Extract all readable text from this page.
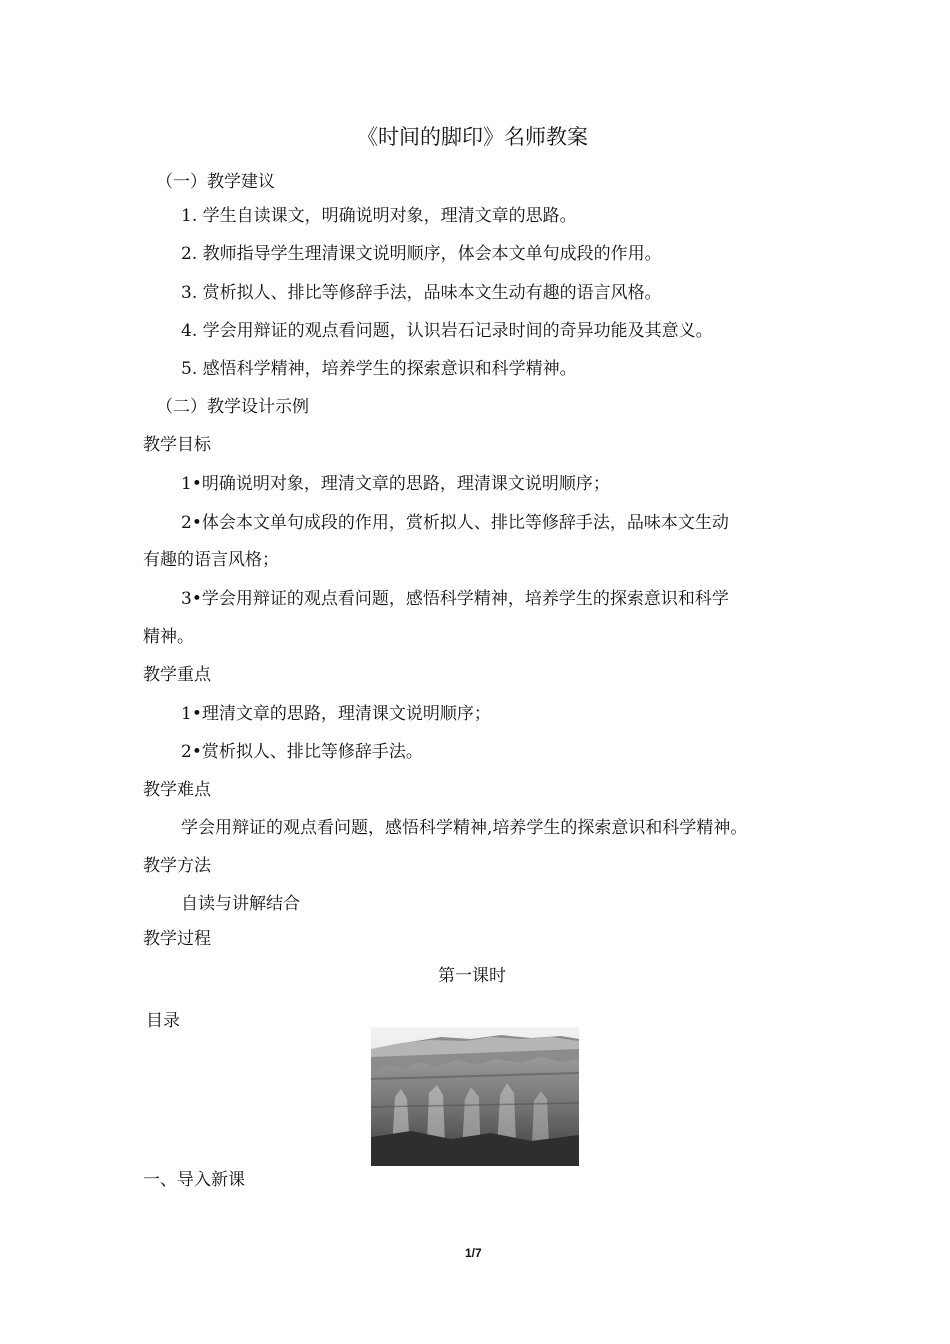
《时间的脚印》名师教案
（一）教学建议
1. 学生自读课文，明确说明对象，理清文章的思路。
2. 教师指导学生理清课文说明顺序，体会本文单句成段的作用。
3. 赏析拟人、排比等修辞手法，品味本文生动有趣的语言风格。
4. 学会用辩证的观点看问题，认识岩石记录时间的奇异功能及其意义。
5. 感悟科学精神，培养学生的探索意识和科学精神。
（二）教学设计示例
教学目标
1•明确说明对象，理清文章的思路，理清课文说明顺序；
2•体会本文单句成段的作用，赏析拟人、排比等修辞手法，品味本文生动
有趣的语言风格；
3•学会用辩证的观点看问题，感悟科学精神，培养学生的探索意识和科学
精神。
教学重点
1•理清文章的思路，理清课文说明顺序；
2•赏析拟人、排比等修辞手法。
教学难点
学会用辩证的观点看问题，感悟科学精神,培养学生的探索意识和科学精神。
教学方法
自读与讲解结合
教学过程
第一课时
目录
一、导入新课
1/7
